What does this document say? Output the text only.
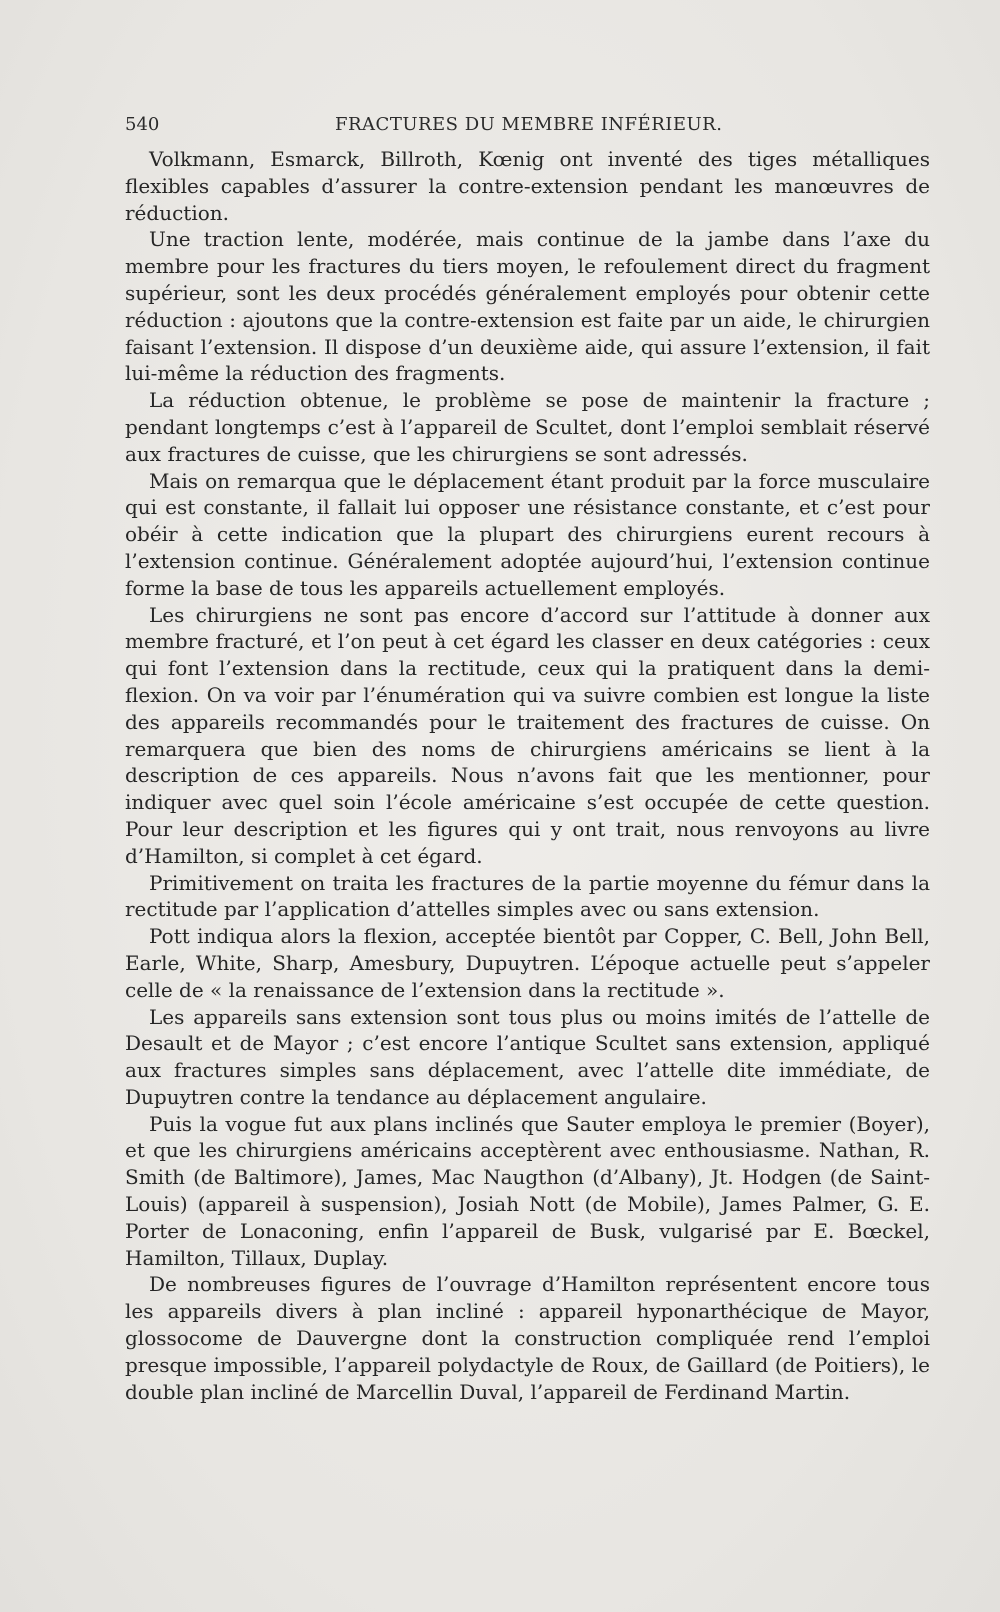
540	FRACTURES DU MEMBRE INFÉRIEUR.

Volkmann, Esmarck, Billroth, Kœnig ont inventé des tiges métalliques flexibles capables d’assurer la contre-extension pendant les manœuvres de réduction.

Une traction lente, modérée, mais continue de la jambe dans l’axe du membre pour les fractures du tiers moyen, le refoulement direct du fragment supérieur, sont les deux procédés généralement employés pour obtenir cette réduction : ajoutons que la contre-extension est faite par un aide, le chirurgien faisant l’extension. Il dispose d’un deuxième aide, qui assure l’extension, il fait lui-même la réduction des fragments.

La réduction obtenue, le problème se pose de maintenir la fracture ; pendant longtemps c’est à l’appareil de Scultet, dont l’emploi semblait réservé aux fractures de cuisse, que les chirurgiens se sont adressés.

Mais on remarqua que le déplacement étant produit par la force musculaire qui est constante, il fallait lui opposer une résistance constante, et c’est pour obéir à cette indication que la plupart des chirurgiens eurent recours à l’extension continue. Généralement adoptée aujourd’hui, l’extension continue forme la base de tous les appareils actuellement employés.

Les chirurgiens ne sont pas encore d’accord sur l’attitude à donner aux membre fracturé, et l’on peut à cet égard les classer en deux catégories : ceux qui font l’extension dans la rectitude, ceux qui la pratiquent dans la demi-flexion. On va voir par l’énumération qui va suivre combien est longue la liste des appareils recommandés pour le traitement des fractures de cuisse. On remarquera que bien des noms de chirurgiens américains se lient à la description de ces appareils. Nous n’avons fait que les mentionner, pour indiquer avec quel soin l’école américaine s’est occupée de cette question. Pour leur description et les figures qui y ont trait, nous renvoyons au livre d’Hamilton, si complet à cet égard.

Primitivement on traita les fractures de la partie moyenne du fémur dans la rectitude par l’application d’attelles simples avec ou sans extension.

Pott indiqua alors la flexion, acceptée bientôt par Copper, C. Bell, John Bell, Earle, White, Sharp, Amesbury, Dupuytren. L’époque actuelle peut s’appeler celle de « la renaissance de l’extension dans la rectitude ».

Les appareils sans extension sont tous plus ou moins imités de l’attelle de Desault et de Mayor ; c’est encore l’antique Scultet sans extension, appliqué aux fractures simples sans déplacement, avec l’attelle dite immédiate, de Dupuytren contre la tendance au déplacement angulaire.

Puis la vogue fut aux plans inclinés que Sauter employa le premier (Boyer), et que les chirurgiens américains acceptèrent avec enthousiasme. Nathan, R. Smith (de Baltimore), James, Mac Naugthon (d’Albany), Jt. Hodgen (de Saint-Louis) (appareil à suspension), Josiah Nott (de Mobile), James Palmer, G. E. Porter de Lonaconing, enfin l’appareil de Busk, vulgarisé par E. Bœckel, Hamilton, Tillaux, Duplay.

De nombreuses figures de l’ouvrage d’Hamilton représentent encore tous les appareils divers à plan incliné : appareil hyponarthécique de Mayor, glossocome de Dauvergne dont la construction compliquée rend l’emploi presque impossible, l’appareil polydactyle de Roux, de Gaillard (de Poitiers), le double plan incliné de Marcellin Duval, l’appareil de Ferdinand Martin.
